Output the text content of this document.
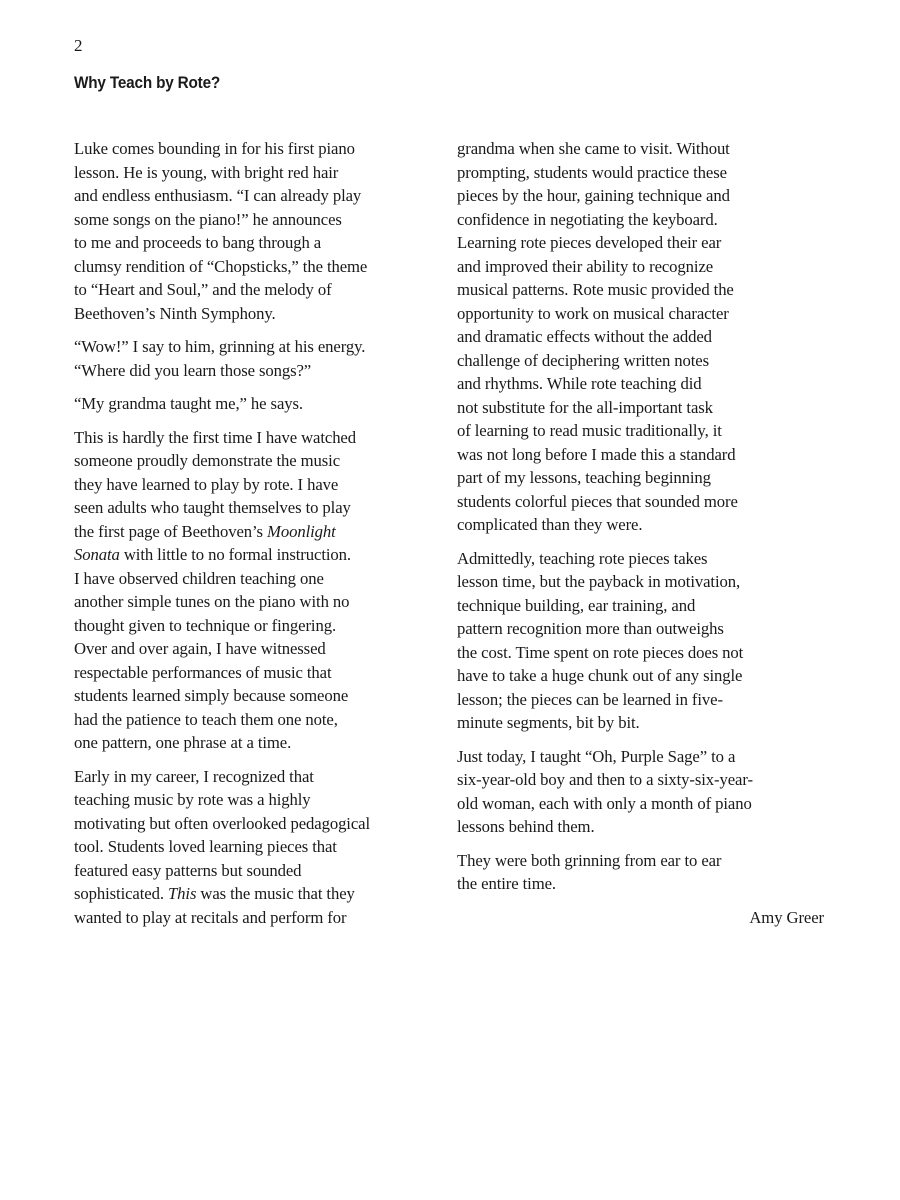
2
Why Teach by Rote?

Luke comes bounding in for his first piano
lesson. He is young, with bright red hair
and endless enthusiasm. “I can already play
some songs on the piano!” he announces
to me and proceeds to bang through a
clumsy rendition of “Chopsticks,” the theme
to “Heart and Soul,” and the melody of
Beethoven’s Ninth Symphony.

“Wow!” I say to him, grinning at his energy.
“Where did you learn those songs?”

“My grandma taught me,” he says.

This is hardly the first time I have watched
someone proudly demonstrate the music
they have learned to play by rote. I have
seen adults who taught themselves to play
the first page of Beethoven’s Moonlight
Sonata with little to no formal instruction.
I have observed children teaching one
another simple tunes on the piano with no
thought given to technique or fingering.
Over and over again, I have witnessed
respectable performances of music that
students learned simply because someone
had the patience to teach them one note,
one pattern, one phrase at a time.

Early in my career, I recognized that
teaching music by rote was a highly
motivating but often overlooked pedagogical
tool. Students loved learning pieces that
featured easy patterns but sounded
sophisticated. This was the music that they
wanted to play at recitals and perform for

grandma when she came to visit. Without
prompting, students would practice these
pieces by the hour, gaining technique and
confidence in negotiating the keyboard.
Learning rote pieces developed their ear
and improved their ability to recognize
musical patterns. Rote music provided the
opportunity to work on musical character
and dramatic effects without the added
challenge of deciphering written notes
and rhythms. While rote teaching did
not substitute for the all-important task
of learning to read music traditionally, it
was not long before I made this a standard
part of my lessons, teaching beginning
students colorful pieces that sounded more
complicated than they were.

Admittedly, teaching rote pieces takes
lesson time, but the payback in motivation,
technique building, ear training, and
pattern recognition more than outweighs
the cost. Time spent on rote pieces does not
have to take a huge chunk out of any single
lesson; the pieces can be learned in five-
minute segments, bit by bit.

Just today, I taught “Oh, Purple Sage” to a
six-year-old boy and then to a sixty-six-year-
old woman, each with only a month of piano
lessons behind them.

They were both grinning from ear to ear
the entire time.

Amy Greer
